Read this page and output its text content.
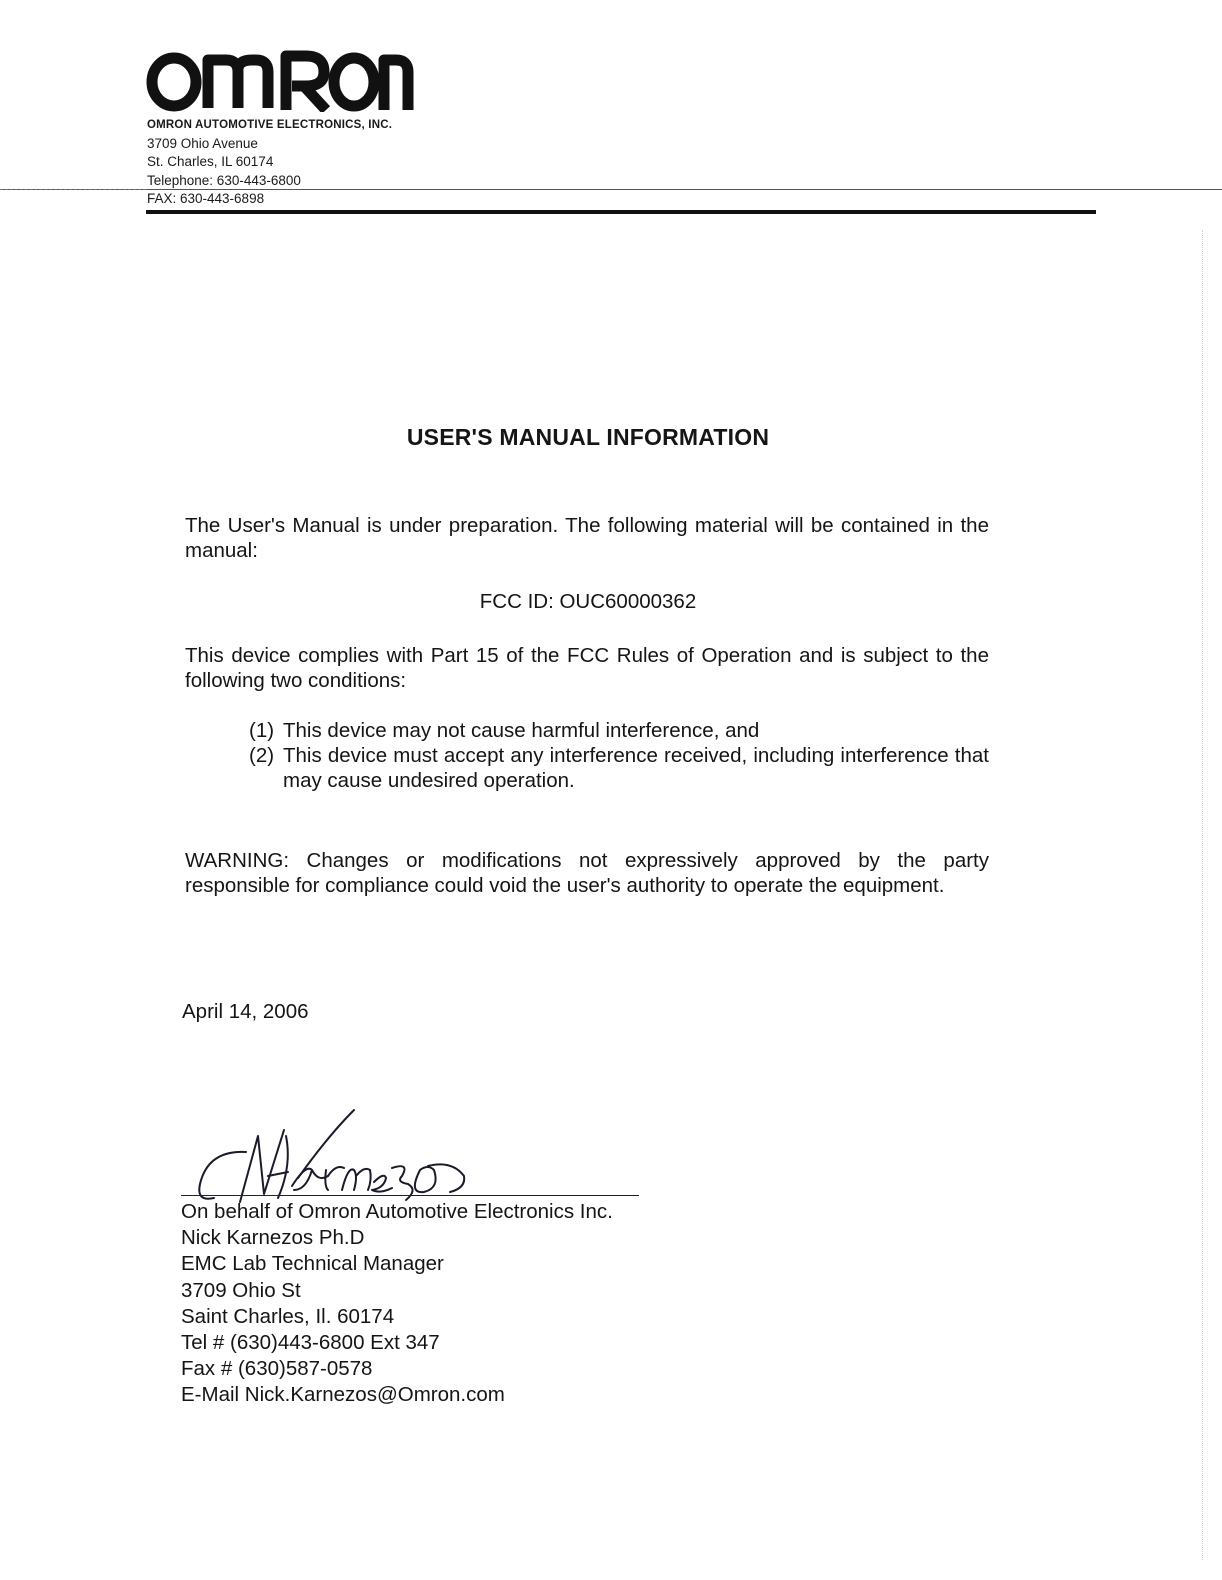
OMRON AUTOMOTIVE ELECTRONICS, INC.
3709 Ohio Avenue
St. Charles, IL 60174
Telephone: 630-443-6800
FAX: 630-443-6898
USER'S MANUAL INFORMATION
The User's Manual is under preparation. The following material will be contained in the manual:
FCC ID: OUC60000362
This device complies with Part 15 of the FCC Rules of Operation and is subject to the following two conditions:
(1) This device may not cause harmful interference, and
(2) This device must accept any interference received, including interference that may cause undesired operation.
WARNING: Changes or modifications not expressively approved by the party responsible for compliance could void the user's authority to operate the equipment.
April 14, 2006
On behalf of Omron Automotive Electronics Inc.
Nick Karnezos Ph.D
EMC Lab Technical Manager
3709 Ohio St
Saint Charles, Il. 60174
Tel # (630)443-6800 Ext 347
Fax # (630)587-0578
E-Mail Nick.Karnezos@Omron.com
